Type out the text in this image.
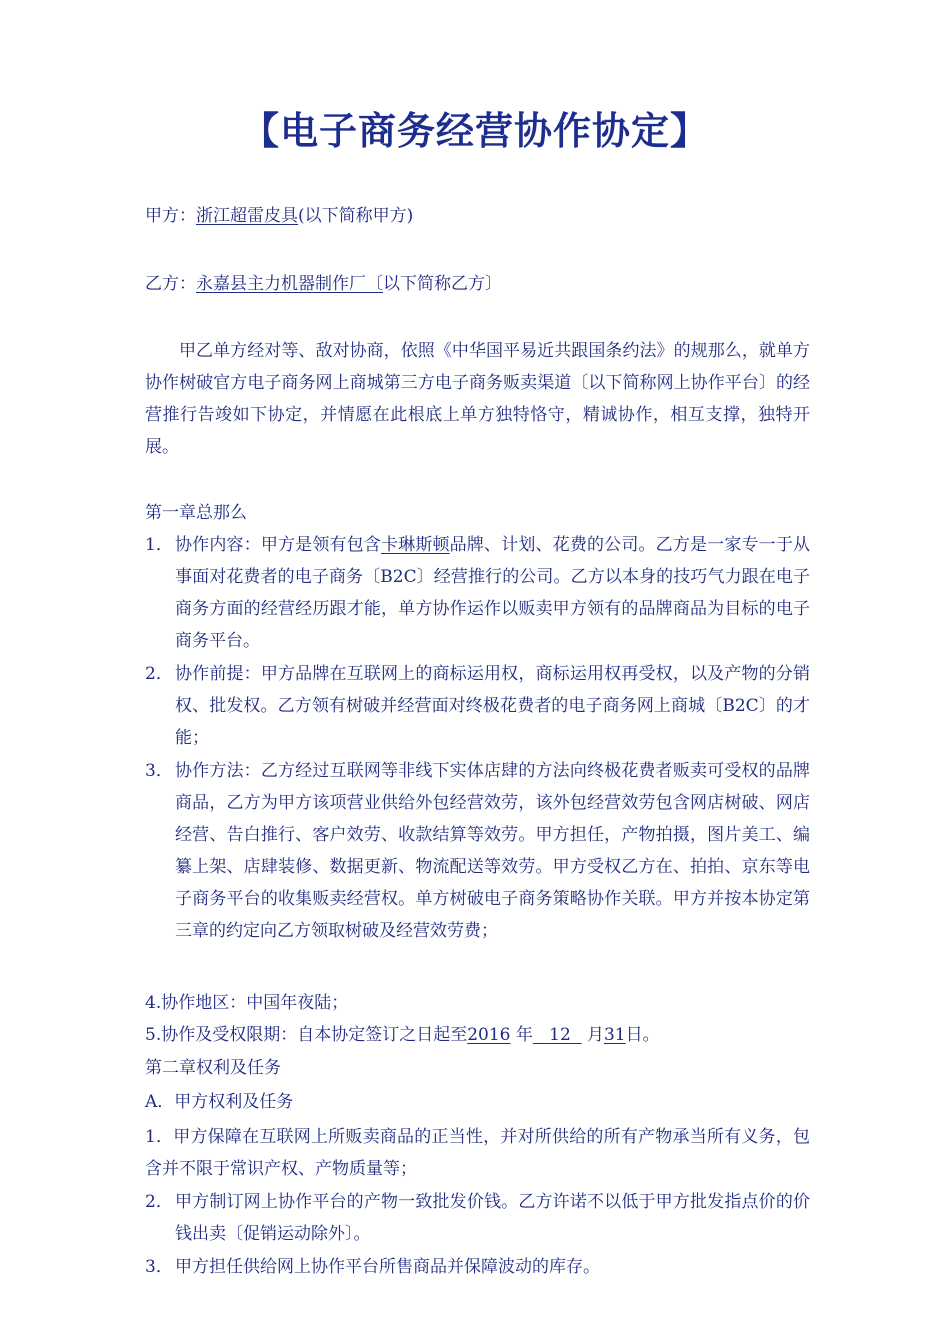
【电子商务经营协作协定】
甲方：浙江超雷皮具(以下简称甲方)
乙方：永嘉县主力机器制作厂〔以下简称乙方〕
甲乙单方经对等、敌对协商，依照《中华国平易近共跟国条约法》的规那么，就单方协作树破官方电子商务网上商城第三方电子商务贩卖渠道〔以下简称网上协作平台〕的经营推行告竣如下协定，并情愿在此根底上单方独特恪守，精诚协作，相互支撑，独特开展。
第一章总那么
1． 协作内容：甲方是领有包含卡琳斯顿品牌、计划、花费的公司。乙方是一家专一于从事面对花费者的电子商务〔B2C〕经营推行的公司。乙方以本身的技巧气力跟在电子商务方面的经营经历跟才能，单方协作运作以贩卖甲方领有的品牌商品为目标的电子商务平台。
2． 协作前提：甲方品牌在互联网上的商标运用权，商标运用权再受权，以及产物的分销权、批发权。乙方领有树破并经营面对终极花费者的电子商务网上商城〔B2C〕的才能；
3． 协作方法：乙方经过互联网等非线下实体店肆的方法向终极花费者贩卖可受权的品牌商品，乙方为甲方该项营业供给外包经营效劳，该外包经营效劳包含网店树破、网店经营、告白推行、客户效劳、收款结算等效劳。甲方担任，产物拍摄，图片美工、编纂上架、店肆装修、数据更新、物流配送等效劳。甲方受权乙方在、拍拍、京东等电子商务平台的收集贩卖经营权。单方树破电子商务策略协作关联。甲方并按本协定第三章的约定向乙方领取树破及经营效劳费；
4.协作地区：中国年夜陆；
5.协作及受权限期：自本协定签订之日起至2016 年 12 月31日。
第二章权利及任务
A．甲方权利及任务
1．甲方保障在互联网上所贩卖商品的正当性，并对所供给的所有产物承当所有义务，包含并不限于常识产权、产物质量等；
2． 甲方制订网上协作平台的产物一致批发价钱。乙方许诺不以低于甲方批发指点价的价钱出卖〔促销运动除外〕。
3． 甲方担任供给网上协作平台所售商品并保障波动的库存。
